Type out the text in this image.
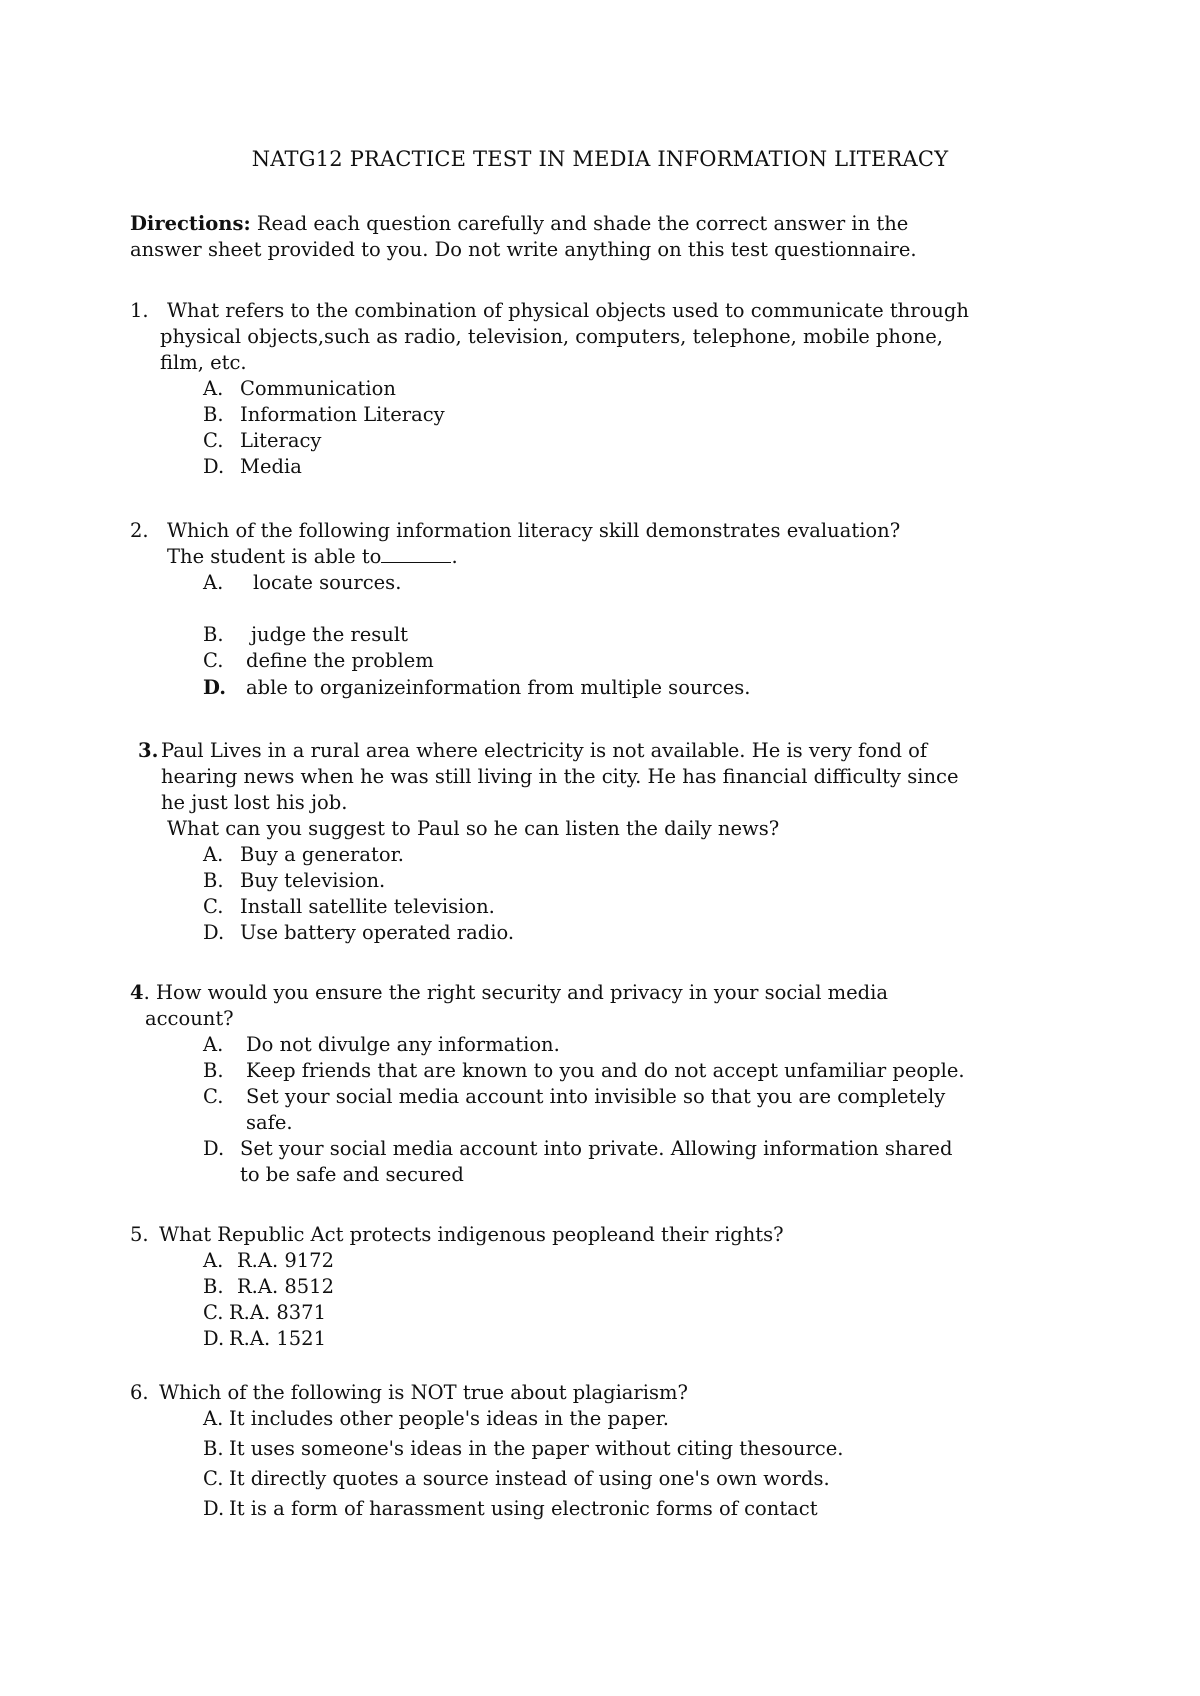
NATG12 PRACTICE TEST IN MEDIA INFORMATION LITERACY
Directions: Read each question carefully and shade the correct answer in the
answer sheet provided to you. Do not write anything on this test questionnaire.
1. What refers to the combination of physical objects used to communicate through
physical objects,such as radio, television, computers, telephone, mobile phone,
film, etc.
A. Communication
B. Information Literacy
C. Literacy
D. Media
2. Which of the following information literacy skill demonstrates evaluation?
The student is able to	.
A. locate sources.
B. judge the result
C. define the problem
D. able to organizeinformation from multiple sources.
3. Paul Lives in a rural area where electricity is not available. He is very fond of
hearing news when he was still living in the city. He has financial difficulty since
he just lost his job.
What can you suggest to Paul so he can listen the daily news?
A. Buy a generator.
B. Buy television.
C. Install satellite television.
D. Use battery operated radio.
4. How would you ensure the right security and privacy in your social media
account?
A. Do not divulge any information.
B. Keep friends that are known to you and do not accept unfamiliar people.
C. Set your social media account into invisible so that you are completely
safe.
D. Set your social media account into private. Allowing information shared
to be safe and secured
5. What Republic Act protects indigenous peopleand their rights?
A. R.A. 9172
B. R.A. 8512
C. R.A. 8371
D. R.A. 1521
6. Which of the following is NOT true about plagiarism?
A. It includes other people's ideas in the paper.
B. It uses someone's ideas in the paper without citing thesource.
C. It directly quotes a source instead of using one's own words.
D. It is a form of harassment using electronic forms of contact
